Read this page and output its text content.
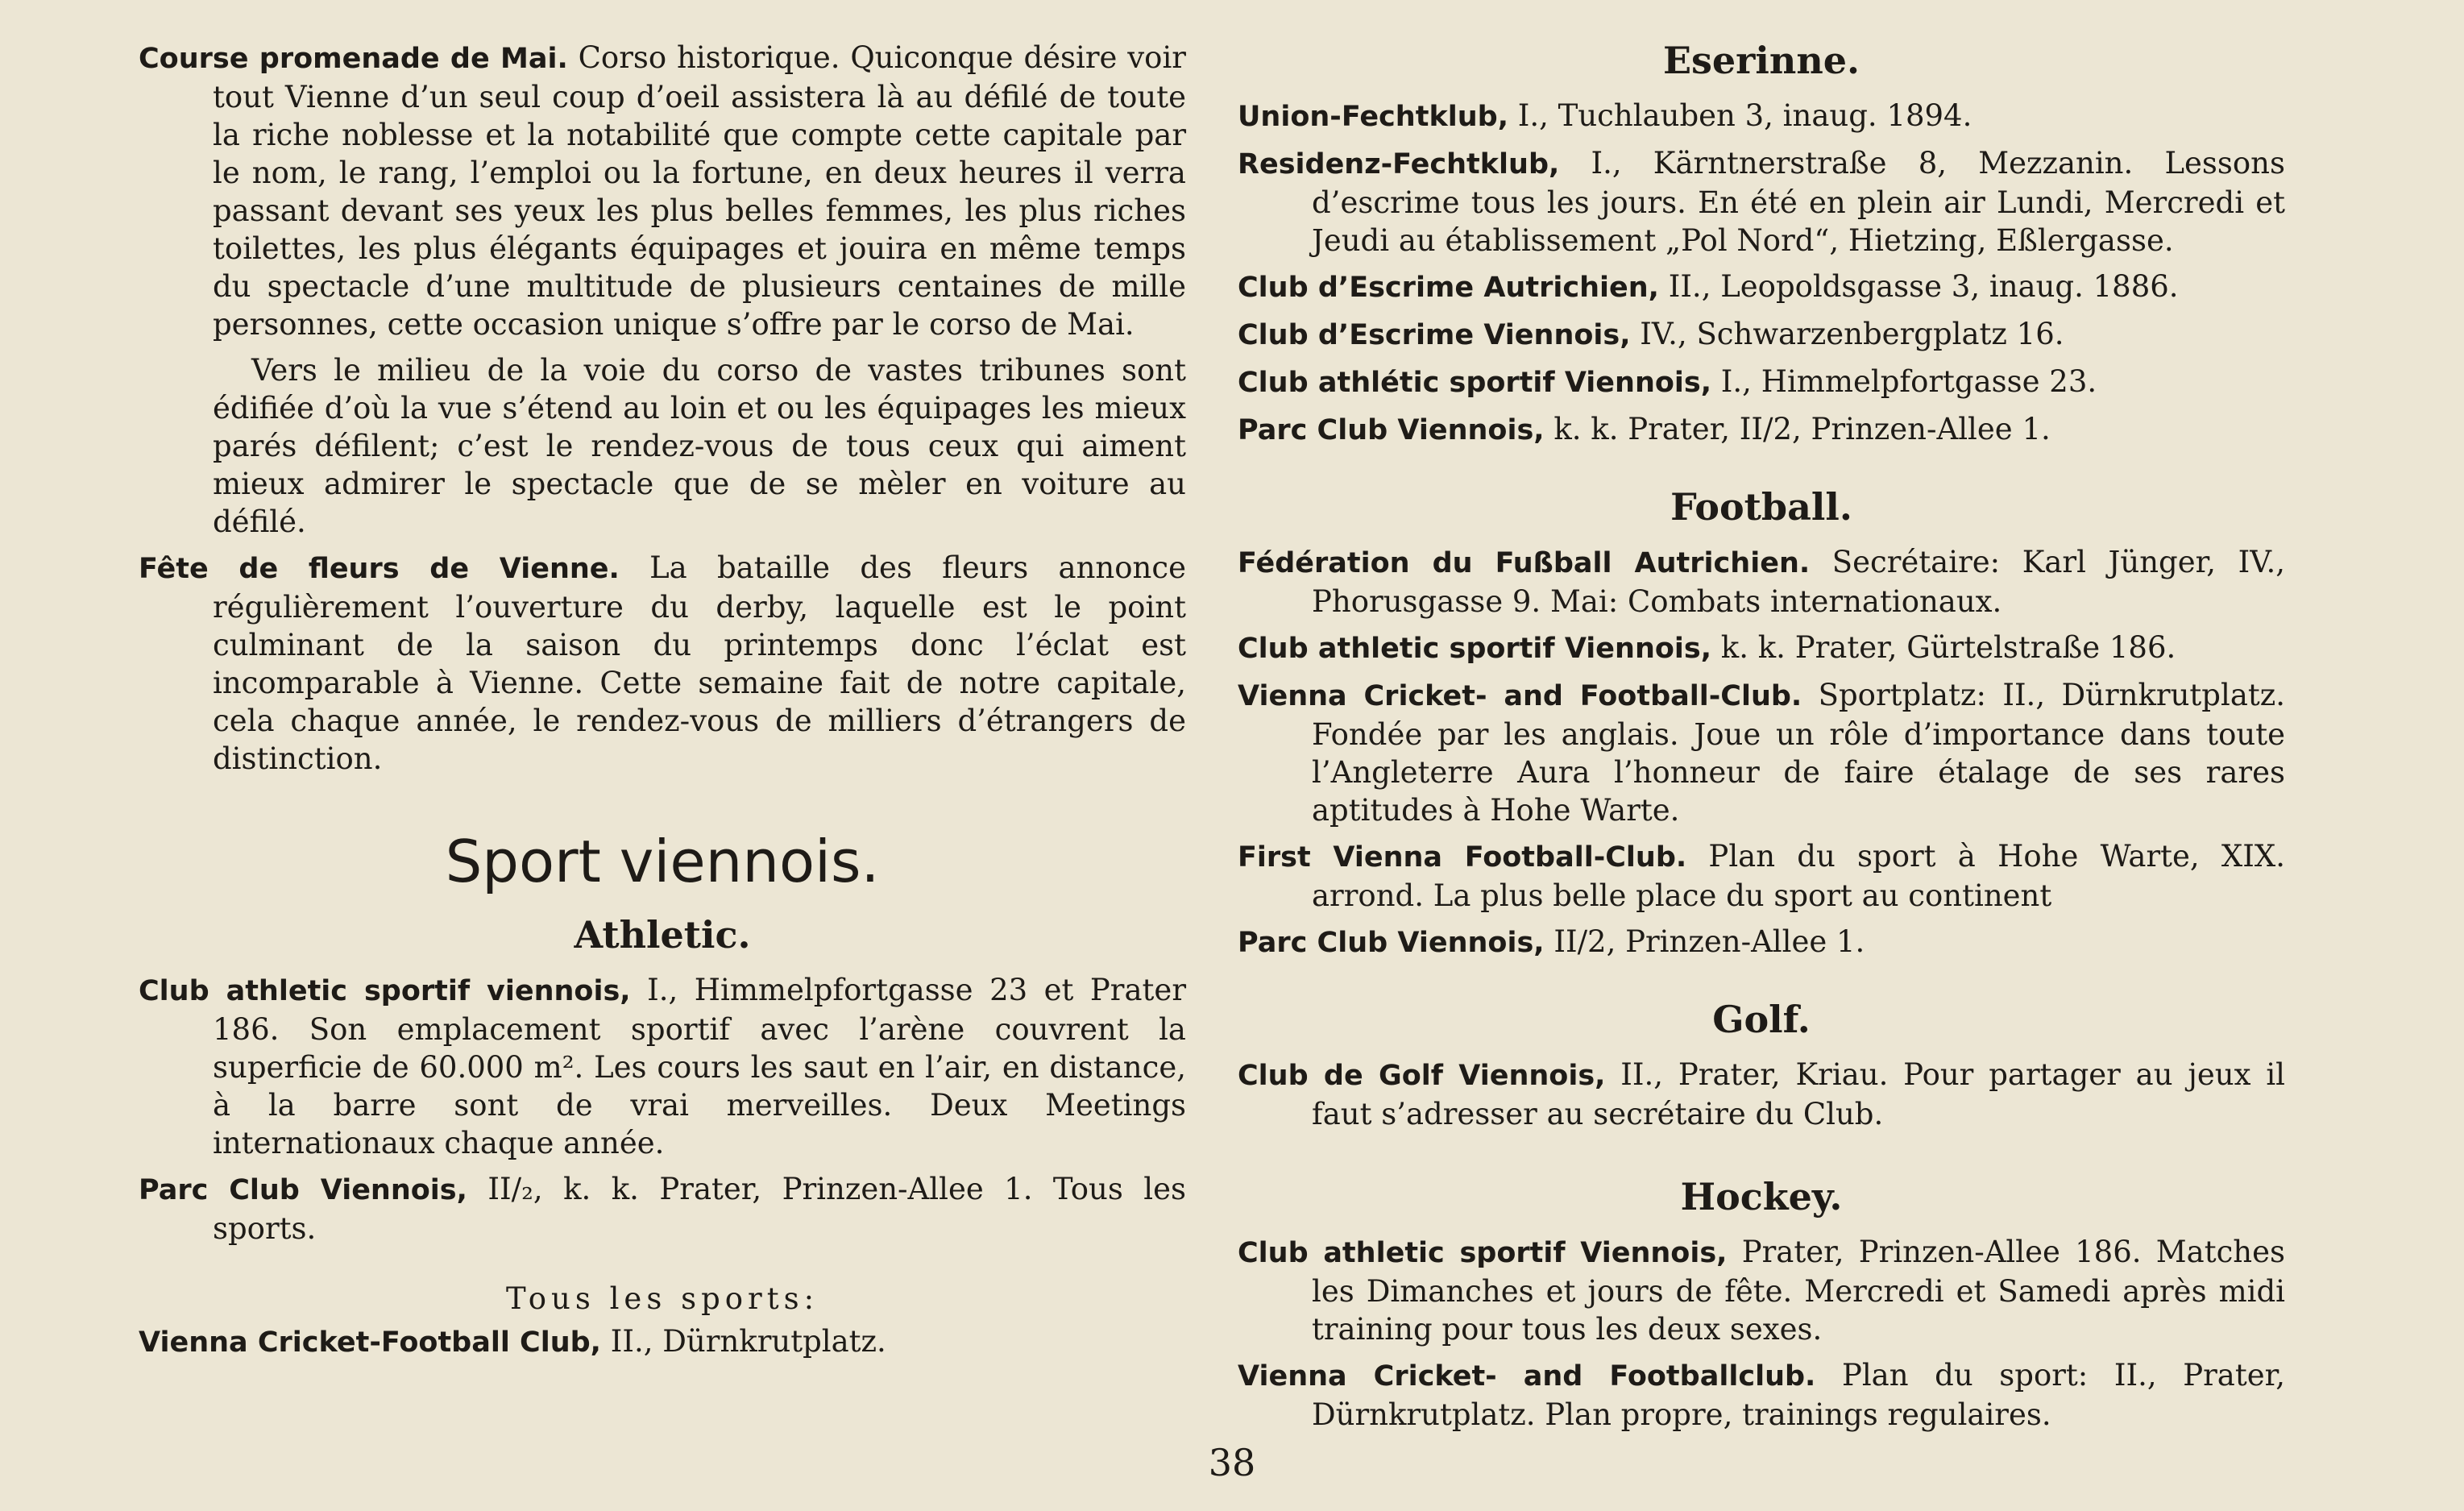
Course promenade de Mai. Corso historique. Quiconque désire voir tout Vienne d’un seul coup d’oeil assistera là au défilé de toute la riche noblesse et la notabilité que compte cette capitale par le nom, le rang, l’emploi ou la fortune, en deux heures il verra passant devant ses yeux les plus belles femmes, les plus riches toilettes, les plus élégants équipages et jouira en même temps du spectacle d’une multitude de plusieurs centaines de mille personnes, cette occasion unique s’offre par le corso de Mai.

Vers le milieu de la voie du corso de vastes tribunes sont édifiée d’où la vue s’étend au loin et ou les équipages les mieux parés défilent; c’est le rendez-vous de tous ceux qui aiment mieux admirer le spectacle que de se mèler en voiture au défilé.

Fête de fleurs de Vienne. La bataille des fleurs annonce régulièrement l’ouverture du derby, laquelle est le point culminant de la saison du printemps donc l’éclat est incomparable à Vienne. Cette semaine fait de notre capitale, cela chaque année, le rendez-vous de milliers d’étrangers de distinction.

Sport viennois.
Athletic.

Club athletic sportif viennois, I., Himmelpfortgasse 23 et Prater 186. Son emplacement sportif avec l’arène couvrent la superficie de 60.000 m². Les cours les saut en l’air, en distance, à la barre sont de vrai merveilles. Deux Meetings internationaux chaque année.

Parc Club Viennois, II/₂, k. k. Prater, Prinzen-Allee 1. Tous les sports.

Tous les sports:

Vienna Cricket-Football Club, II., Dürnkrutplatz.

Eserinne.

Union-Fechtklub, I., Tuchlauben 3, inaug. 1894.

Residenz-Fechtklub, I., Kärntnerstraße 8, Mezzanin. Lessons d’escrime tous les jours. En été en plein air Lundi, Mercredi et Jeudi au établissement „Pol Nord“, Hietzing, Eßlergasse.

Club d’Escrime Autrichien, II., Leopoldsgasse 3, inaug. 1886.

Club d’Escrime Viennois, IV., Schwarzenbergplatz 16.

Club athlétic sportif Viennois, I., Himmelpfortgasse 23.

Parc Club Viennois, k. k. Prater, II/2, Prinzen-Allee 1.

Football.

Fédération du Fußball Autrichien. Secrétaire: Karl Jünger, IV., Phorusgasse 9. Mai: Combats internationaux.

Club athletic sportif Viennois, k. k. Prater, Gürtelstraße 186.

Vienna Cricket- and Football-Club. Sportplatz: II., Dürnkrutplatz. Fondée par les anglais. Joue un rôle d’importance dans toute l’Angleterre Aura l’honneur de faire étalage de ses rares aptitudes à Hohe Warte.

First Vienna Football-Club. Plan du sport à Hohe Warte, XIX. arrond. La plus belle place du sport au continent

Parc Club Viennois, II/2, Prinzen-Allee 1.

Golf.

Club de Golf Viennois, II., Prater, Kriau. Pour partager au jeux il faut s’adresser au secrétaire du Club.

Hockey.

Club athletic sportif Viennois, Prater, Prinzen-Allee 186. Matches les Dimanches et jours de fête. Mercredi et Samedi après midi training pour tous les deux sexes.

Vienna Cricket- and Footballclub. Plan du sport: II., Prater, Dürnkrutplatz. Plan propre, trainings regulaires.

38
